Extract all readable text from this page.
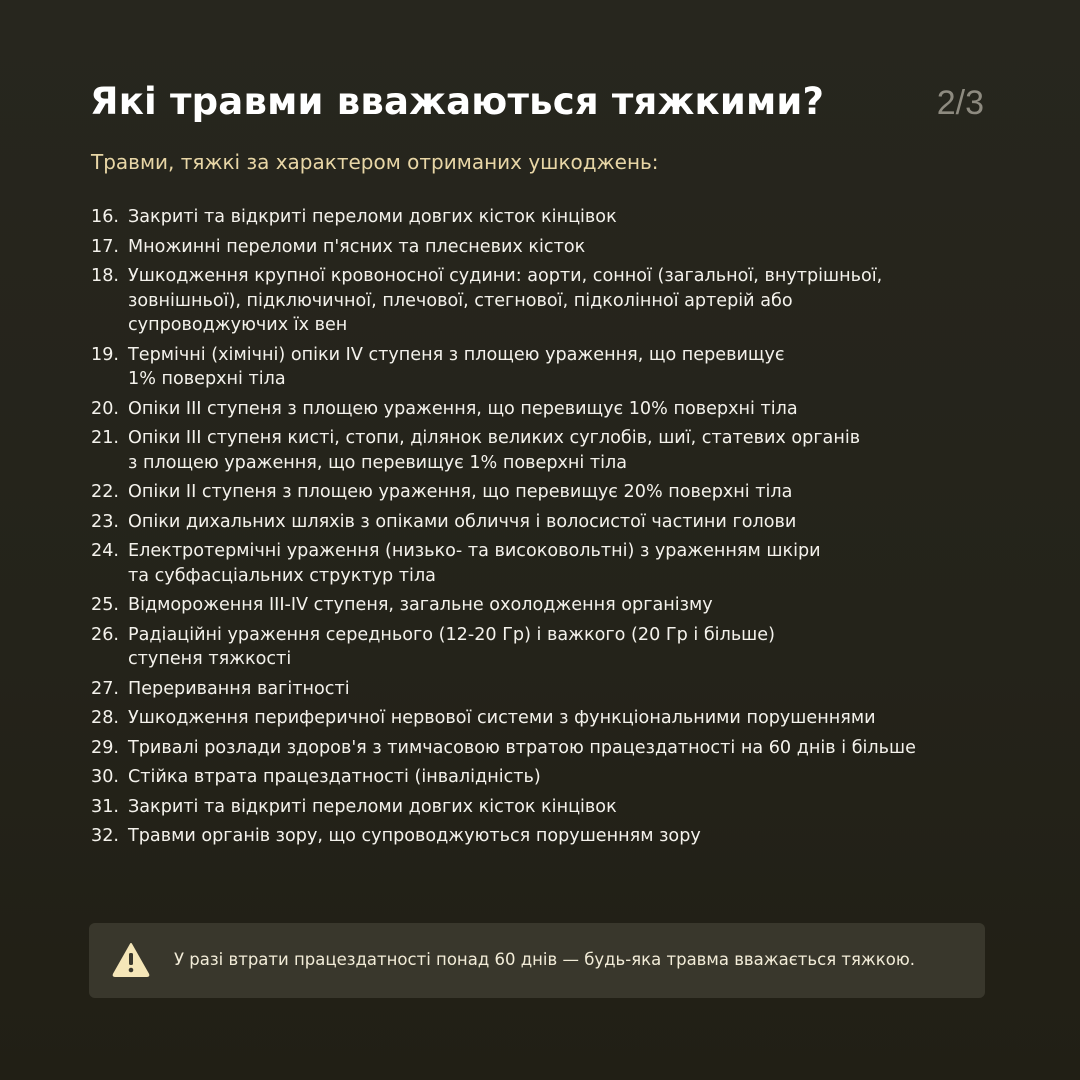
Які травми вважаються тяжкими?	2/3
Травми, тяжкі за характером отриманих ушкоджень:
16. Закриті та відкриті переломи довгих кісток кінцівок
17. Множинні переломи п'ясних та плесневих кісток
18. Ушкодження крупної кровоносної судини: аорти, сонної (загальної, внутрішньої,
зовнішньої), підключичної, плечової, стегнової, підколінної артерій або
супроводжуючих їх вен
19. Термічні (хімічні) опіки IV ступеня з площею ураження, що перевищує
1% поверхні тіла
20. Опіки III ступеня з площею ураження, що перевищує 10% поверхні тіла
21. Опіки III ступеня кисті, стопи, ділянок великих суглобів, шиї, статевих органів
з площею ураження, що перевищує 1% поверхні тіла
22. Опіки II ступеня з площею ураження, що перевищує 20% поверхні тіла
23. Опіки дихальних шляхів з опіками обличчя і волосистої частини голови
24. Електротермічні ураження (низько- та високовольтні) з ураженням шкіри
та субфасціальних структур тіла
25. Відмороження III-IV ступеня, загальне охолодження організму
26. Радіаційні ураження середнього (12-20 Гр) і важкого (20 Гр і більше)
ступеня тяжкості
27. Переривання вагітності
28. Ушкодження периферичної нервової системи з функціональними порушеннями
29. Тривалі розлади здоров'я з тимчасовою втратою працездатності на 60 днів і більше
30. Стійка втрата працездатності (інвалідність)
31. Закриті та відкриті переломи довгих кісток кінцівок
32. Травми органів зору, що супроводжуються порушенням зору
У разі втрати працездатності понад 60 днів — будь-яка травма вважається тяжкою.
